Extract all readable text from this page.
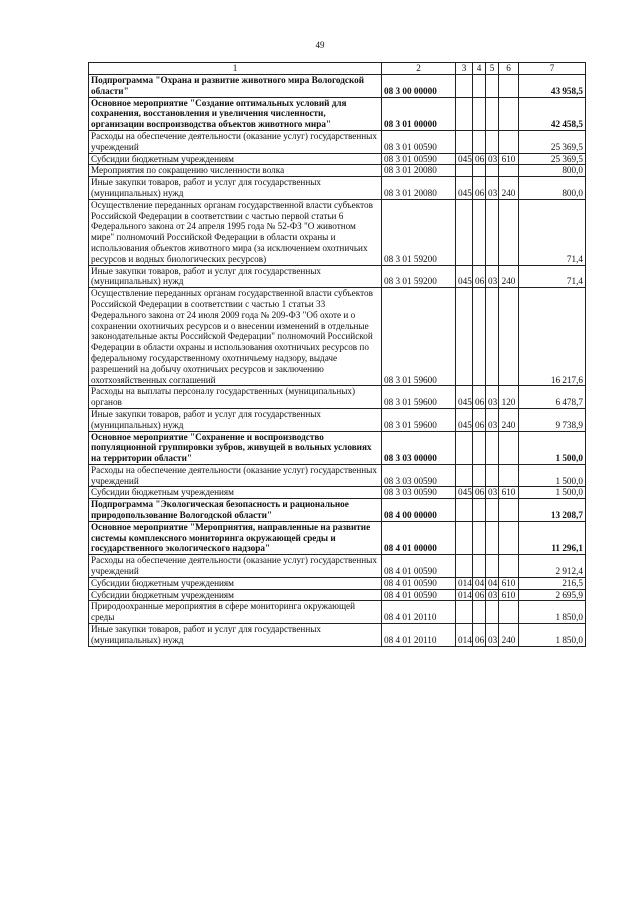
49
1	2	3	4	5	6	7
Подпрограмма "Охрана и развитие животного мира Вологодской области"	08 3 00 00000					43 958,5
Основное мероприятие "Создание оптимальных условий для сохранения, восстановления и увеличения численности, организации воспроизводства объектов животного мира"	08 3 01 00000					42 458,5
Расходы на обеспечение деятельности (оказание услуг) государственных учреждений	08 3 01 00590					25 369,5
Субсидии бюджетным учреждениям	08 3 01 00590	045	06	03	610	25 369,5
Мероприятия по сокращению численности волка	08 3 01 20080					800,0
Иные закупки товаров, работ и услуг для государственных (муниципальных) нужд	08 3 01 20080	045	06	03	240	800,0
Осуществление переданных органам государственной власти субъектов Российской Федерации в соответствии с частью первой статьи 6 Федерального закона от 24 апреля 1995 года № 52-ФЗ "О животном мире" полномочий Российской Федерации в области охраны и использования объектов животного мира (за исключением охотничьих ресурсов и водных биологических ресурсов)	08 3 01 59200					71,4
Иные закупки товаров, работ и услуг для государственных (муниципальных) нужд	08 3 01 59200	045	06	03	240	71,4
Осуществление переданных органам государственной власти субъектов Российской Федерации в соответствии с частью 1 статьи 33 Федерального закона от 24 июля 2009 года № 209-ФЗ "Об охоте и о сохранении охотничьих ресурсов и о внесении изменений в отдельные законодательные акты Российской Федерации" полномочий Российской Федерации в области охраны и использования охотничьих ресурсов по федеральному государственному охотничьему надзору, выдаче разрешений на добычу охотничьих ресурсов и заключению охотхозяйственных соглашений	08 3 01 59600					16 217,6
Расходы на выплаты персоналу государственных (муниципальных) органов	08 3 01 59600	045	06	03	120	6 478,7
Иные закупки товаров, работ и услуг для государственных (муниципальных) нужд	08 3 01 59600	045	06	03	240	9 738,9
Основное мероприятие "Сохранение и воспроизводство популяционной группировки зубров, живущей в вольных условиях на территории области"	08 3 03 00000					1 500,0
Расходы на обеспечение деятельности (оказание услуг) государственных учреждений	08 3 03 00590					1 500,0
Субсидии бюджетным учреждениям	08 3 03 00590	045	06	03	610	1 500,0
Подпрограмма "Экологическая безопасность и рациональное природопользование Вологодской области"	08 4 00 00000					13 208,7
Основное мероприятие "Мероприятия, направленные на развитие системы комплексного мониторинга окружающей среды и государственного экологического надзора"	08 4 01 00000					11 296,1
Расходы на обеспечение деятельности (оказание услуг) государственных учреждений	08 4 01 00590					2 912,4
Субсидии бюджетным учреждениям	08 4 01 00590	014	04	04	610	216,5
Субсидии бюджетным учреждениям	08 4 01 00590	014	06	03	610	2 695,9
Природоохранные мероприятия в сфере мониторинга окружающей среды	08 4 01 20110					1 850,0
Иные закупки товаров, работ и услуг для государственных (муниципальных) нужд	08 4 01 20110	014	06	03	240	1 850,0
